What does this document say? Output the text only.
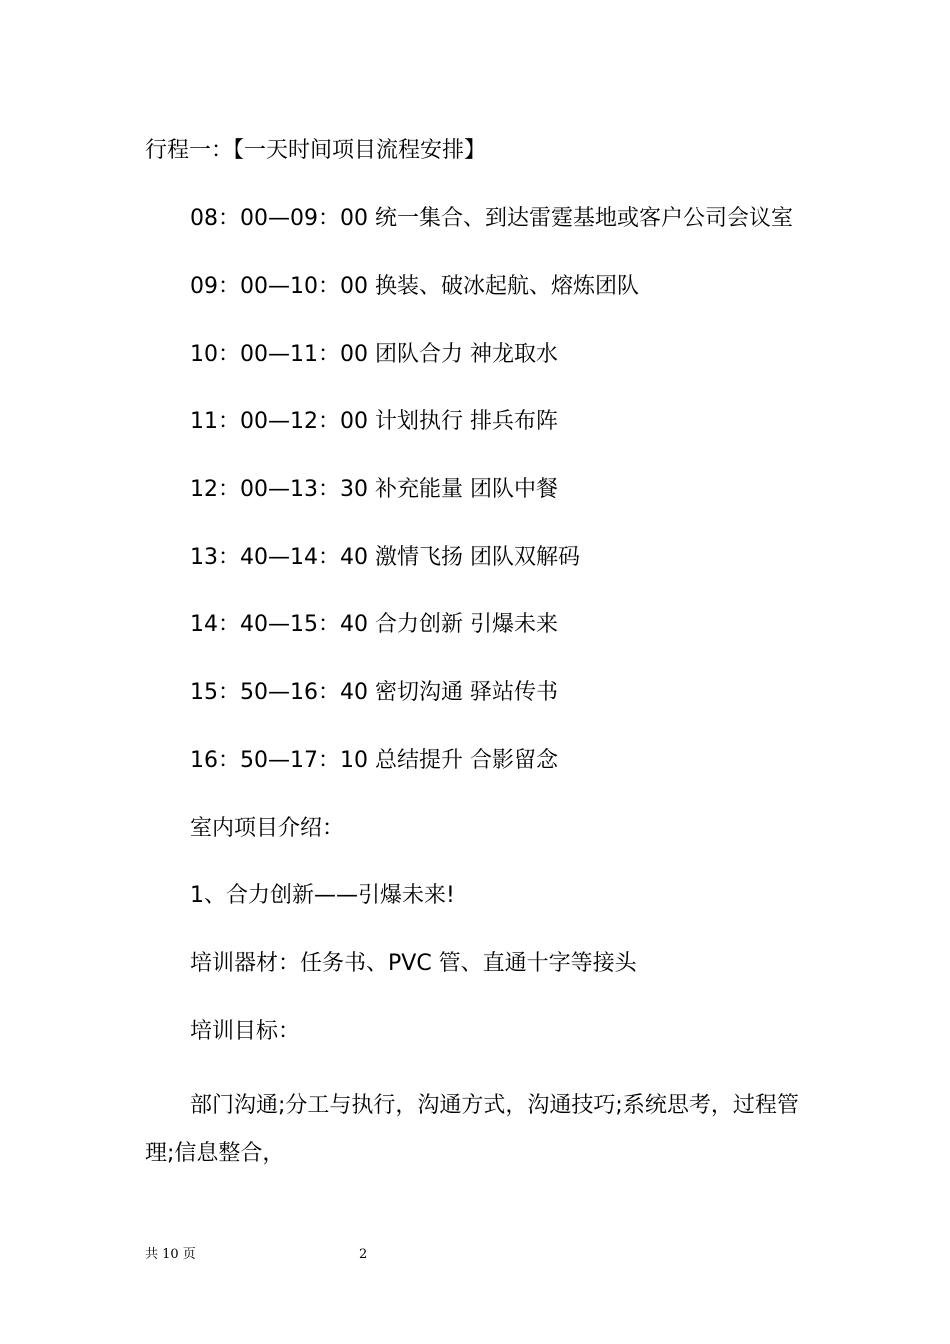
行程一：【一天时间项目流程安排】
08：00—09：00 统一集合、到达雷霆基地或客户公司会议室
09：00—10：00 换装、破冰起航、熔炼团队
10：00—11：00 团队合力 神龙取水
11：00—12：00 计划执行 排兵布阵
12：00—13：30 补充能量 团队中餐
13：40—14：40 激情飞扬 团队双解码
14：40—15：40 合力创新 引爆未来
15：50—16：40 密切沟通 驿站传书
16：50—17：10 总结提升 合影留念
室内项目介绍：
1、合力创新——引爆未来!
培训器材：任务书、PVC 管、直通十字等接头
培训目标：
部门沟通;分工与执行，沟通方式，沟通技巧;系统思考，过程管理;信息整合，
共 10 页	2
